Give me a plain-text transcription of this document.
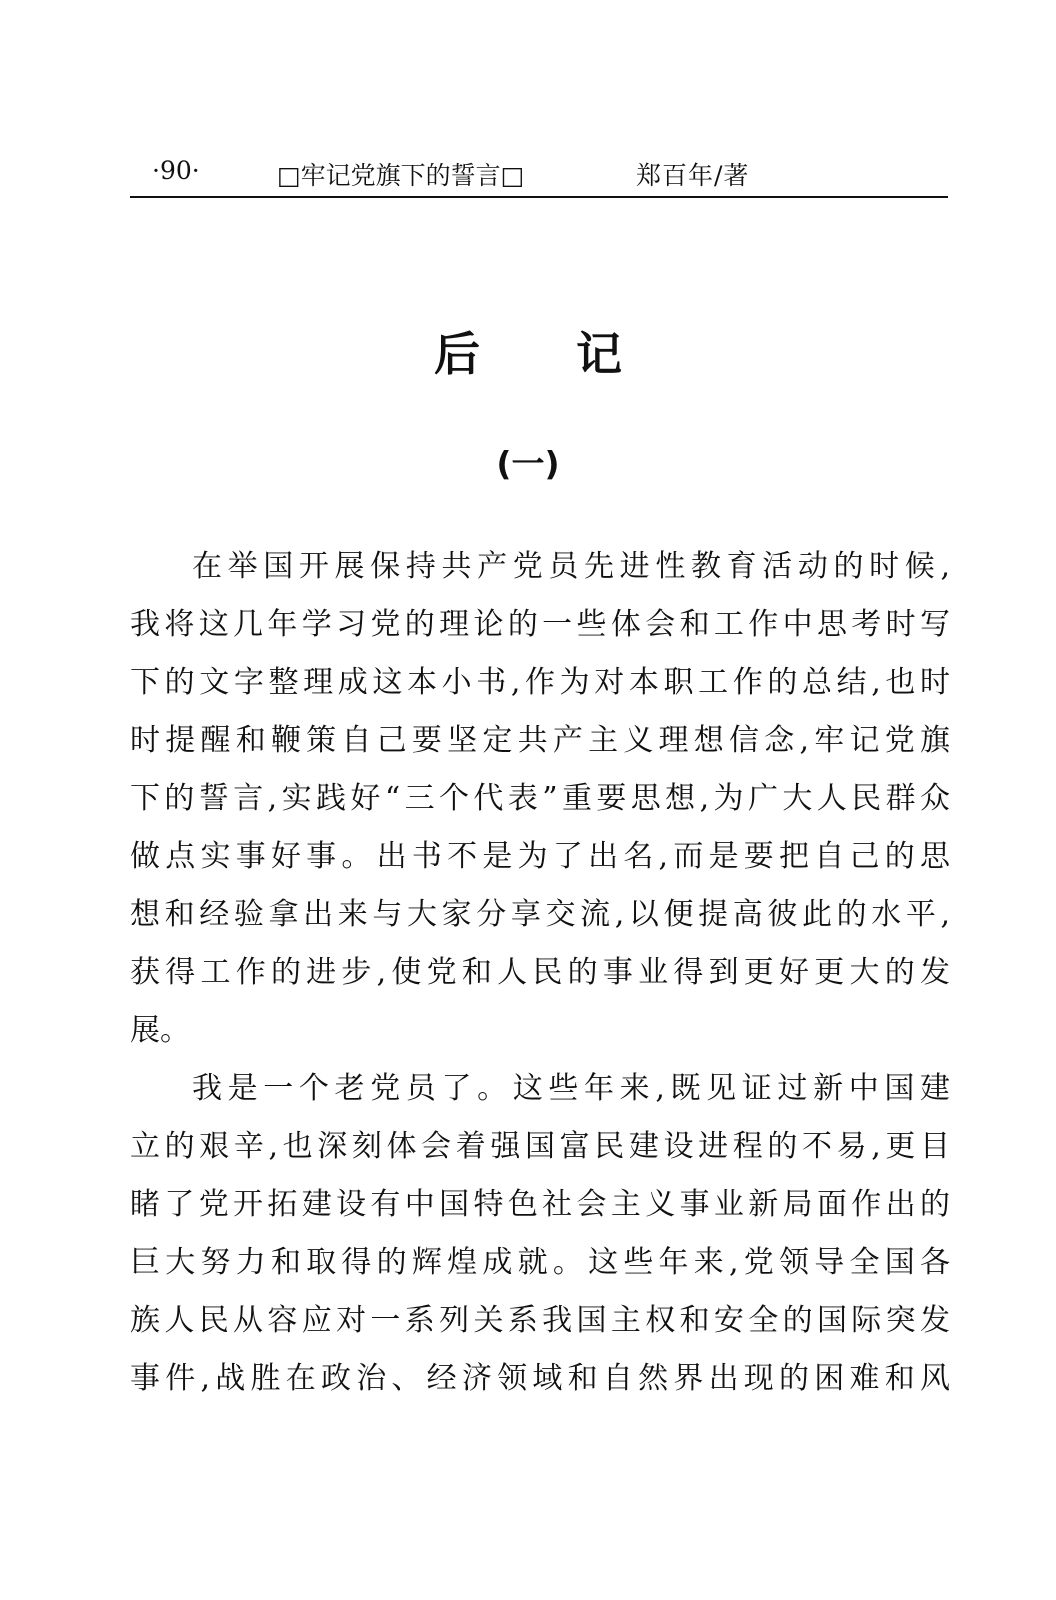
·90·	□牢记党旗下的誓言□	郑百年/著
后记
(一)
在举国开展保持共产党员先进性教育活动的时候,
我将这几年学习党的理论的一些体会和工作中思考时写
下的文字整理成这本小书,作为对本职工作的总结,也时
时提醒和鞭策自己要坚定共产主义理想信念,牢记党旗
下的誓言,实践好“三个代表”重要思想,为广大人民群众
做点实事好事。出书不是为了出名,而是要把自己的思
想和经验拿出来与大家分享交流,以便提高彼此的水平,
获得工作的进步,使党和人民的事业得到更好更大的发
展。
我是一个老党员了。这些年来,既见证过新中国建
立的艰辛,也深刻体会着强国富民建设进程的不易,更目
睹了党开拓建设有中国特色社会主义事业新局面作出的
巨大努力和取得的辉煌成就。这些年来,党领导全国各
族人民从容应对一系列关系我国主权和安全的国际突发
事件,战胜在政治、经济领域和自然界出现的困难和风
